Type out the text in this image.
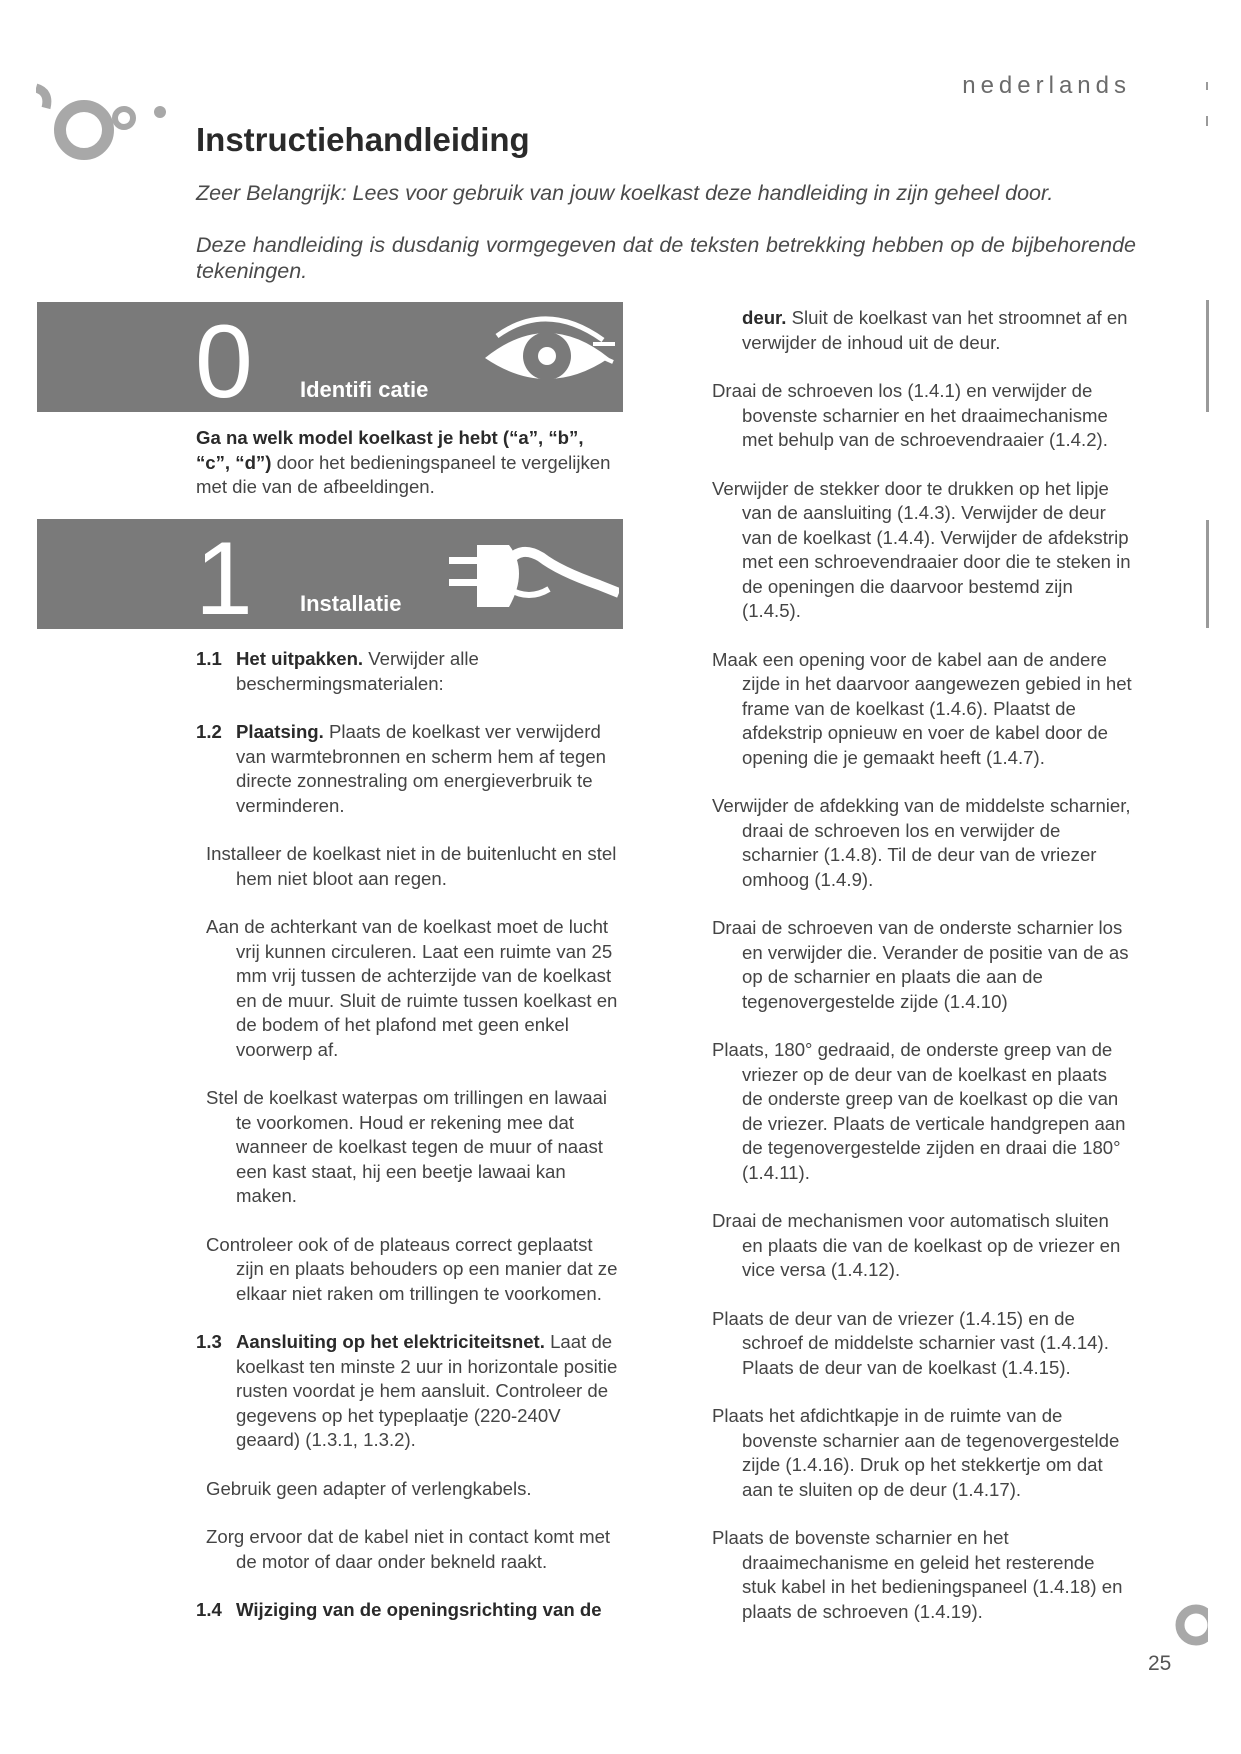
nederlands
Instructiehandleiding
Zeer Belangrijk: Lees voor gebruik van jouw koelkast deze handleiding in zijn geheel door.
Deze handleiding is dusdanig vormgegeven dat de teksten betrekking hebben op de bijbehorende tekeningen.
0 Identifi catie
Ga na welk model koelkast je hebt (“a”, “b”, “c”, “d”) door het bedieningspaneel te vergelijken met die van de afbeeldingen.
1 Installatie

1.1 Het uitpakken. Verwijder alle beschermingsmaterialen:

1.2 Plaatsing. Plaats de koelkast ver verwijderd van warmtebronnen en scherm hem af tegen directe zonnestraling om energieverbruik te verminderen.

Installeer de koelkast niet in de buitenlucht en stel hem niet bloot aan regen.

Aan de achterkant van de koelkast moet de lucht vrij kunnen circuleren. Laat een ruimte van 25 mm vrij tussen de achterzijde van de koelkast en de muur. Sluit de ruimte tussen koelkast en de bodem of het plafond met geen enkel voorwerp af.

Stel de koelkast waterpas om trillingen en lawaai te voorkomen. Houd er rekening mee dat wanneer de koelkast tegen de muur of naast een kast staat, hij een beetje lawaai kan maken.

Controleer ook of de plateaus correct geplaatst zijn en plaats behouders op een manier dat ze elkaar niet raken om trillingen te voorkomen.

1.3 Aansluiting op het elektriciteitsnet. Laat de koelkast ten minste 2 uur in horizontale positie rusten voordat je hem aansluit. Controleer de gegevens op het typeplaatje (220-240V geaard) (1.3.1, 1.3.2).

Gebruik geen adapter of verlengkabels.

Zorg ervoor dat de kabel niet in contact komt met de motor of daar onder bekneld raakt.

1.4 Wijziging van de openingsrichting van de

deur. Sluit de koelkast van het stroomnet af en verwijder de inhoud uit de deur.

Draai de schroeven los (1.4.1) en verwijder de bovenste scharnier en het draaimechanisme met behulp van de schroevendraaier (1.4.2).

Verwijder de stekker door te drukken op het lipje van de aansluiting (1.4.3). Verwijder de deur van de koelkast (1.4.4). Verwijder de afdekstrip met een schroevendraaier door die te steken in de openingen die daarvoor bestemd zijn (1.4.5).

Maak een opening voor de kabel aan de andere zijde in het daarvoor aangewezen gebied in het frame van de koelkast (1.4.6). Plaatst de afdekstrip opnieuw en voer de kabel door de opening die je gemaakt heeft (1.4.7).

Verwijder de afdekking van de middelste scharnier, draai de schroeven los en verwijder de scharnier (1.4.8). Til de deur van de vriezer omhoog (1.4.9).

Draai de schroeven van de onderste scharnier los en verwijder die. Verander de positie van de as op de scharnier en plaats die aan de tegenovergestelde zijde (1.4.10)

Plaats, 180° gedraaid, de onderste greep van de vriezer op de deur van de koelkast en plaats de onderste greep van de koelkast op die van de vriezer. Plaats de verticale handgrepen aan de tegenovergestelde zijden en draai die 180° (1.4.11).

Draai de mechanismen voor automatisch sluiten en plaats die van de koelkast op de vriezer en vice versa (1.4.12).

Plaats de deur van de vriezer (1.4.15) en de schroef de middelste scharnier vast (1.4.14). Plaats de deur van de koelkast (1.4.15).

Plaats het afdichtkapje in de ruimte van de bovenste scharnier aan de tegenovergestelde zijde (1.4.16). Druk op het stekkertje om dat aan te sluiten op de deur (1.4.17).

Plaats de bovenste scharnier en het draaimechanisme en geleid het resterende stuk kabel in het bedieningspaneel (1.4.18) en plaats de schroeven (1.4.19).

25
